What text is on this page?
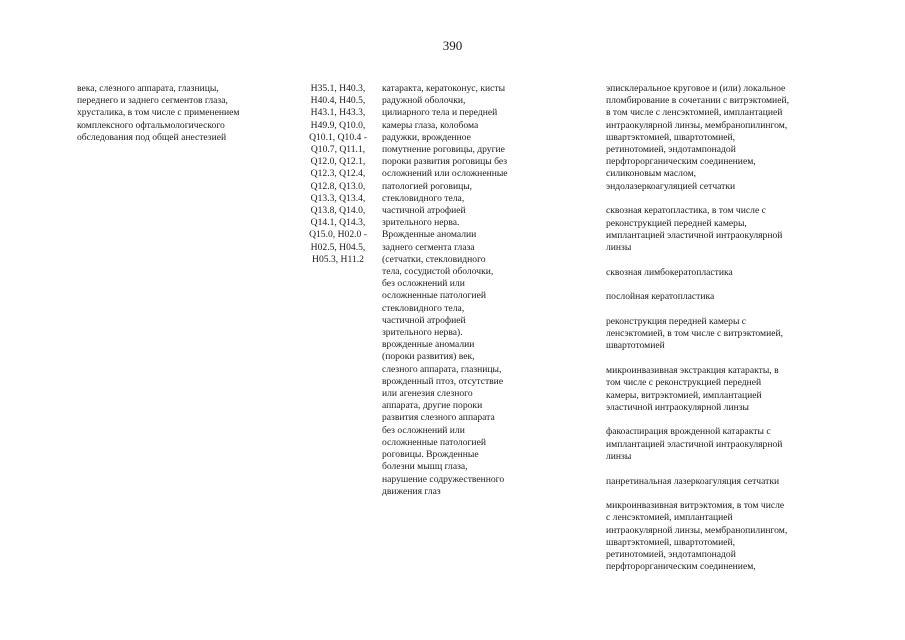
390
века, слезного аппарата, глазницы,
переднего и заднего сегментов глаза,
хрусталика, в том числе с применением
комплексного офтальмологического
обследования под общей анестезией
H35.1, H40.3,
H40.4, H40.5,
H43.1, H43.3,
H49.9, Q10.0,
Q10.1, Q10.4 -
Q10.7, Q11.1,
Q12.0, Q12.1,
Q12.3, Q12.4,
Q12.8, Q13.0,
Q13.3, Q13.4,
Q13.8, Q14.0,
Q14.1, Q14.3,
Q15.0, H02.0 -
H02.5, H04.5,
H05.3, H11.2
катаракта, кератоконус, кисты
радужной оболочки,
цилиарного тела и передней
камеры глаза, колобома
радужки, врожденное
помутнение роговицы, другие
пороки развития роговицы без
осложнений или осложненные
патологией роговицы,
стекловидного тела,
частичной атрофией
зрительного нерва.
Врожденные аномалии
заднего сегмента глаза
(сетчатки, стекловидного
тела, сосудистой оболочки,
без осложнений или
осложненные патологией
стекловидного тела,
частичной атрофией
зрительного нерва).
врожденные аномалии
(пороки развития) век,
слезного аппарата, глазницы,
врожденный птоз, отсутствие
или агенезия слезного
аппарата, другие пороки
развития слезного аппарата
без осложнений или
осложненные патологией
роговицы. Врожденные
болезни мышц глаза,
нарушение содружественного
движения глаз
эписклеральное круговое и (или) локальное
пломбирование в сочетании с витрэктомией,
в том числе с ленсэктомией, имплантацией
интраокулярной линзы, мембранопилингом,
швартэктомией, швартотомией,
ретинотомией, эндотампонадой
перфторорганическим соединением,
силиконовым маслом,
эндолазеркоагуляцией сетчатки
сквозная кератопластика, в том числе с
реконструкцией передней камеры,
имплантацией эластичной интраокулярной
линзы
сквозная лимбокератопластика
послойная кератопластика
реконструкция передней камеры с
ленсэктомией, в том числе с витрэктомией,
швартотомией
микроинвазивная экстракция катаракты, в
том числе с реконструкцией передней
камеры, витрэктомией, имплантацией
эластичной интраокулярной линзы
факоаспирация врожденной катаракты с
имплантацией эластичной интраокулярной
линзы
панретинальная лазеркоагуляция сетчатки
микроинвазивная витрэктомия, в том числе
с ленсэктомией, имплантацией
интраокулярной линзы, мембранопилингом,
швартэктомией, швартотомией,
ретинотомией, эндотампонадой
перфторорганическим соединением,
